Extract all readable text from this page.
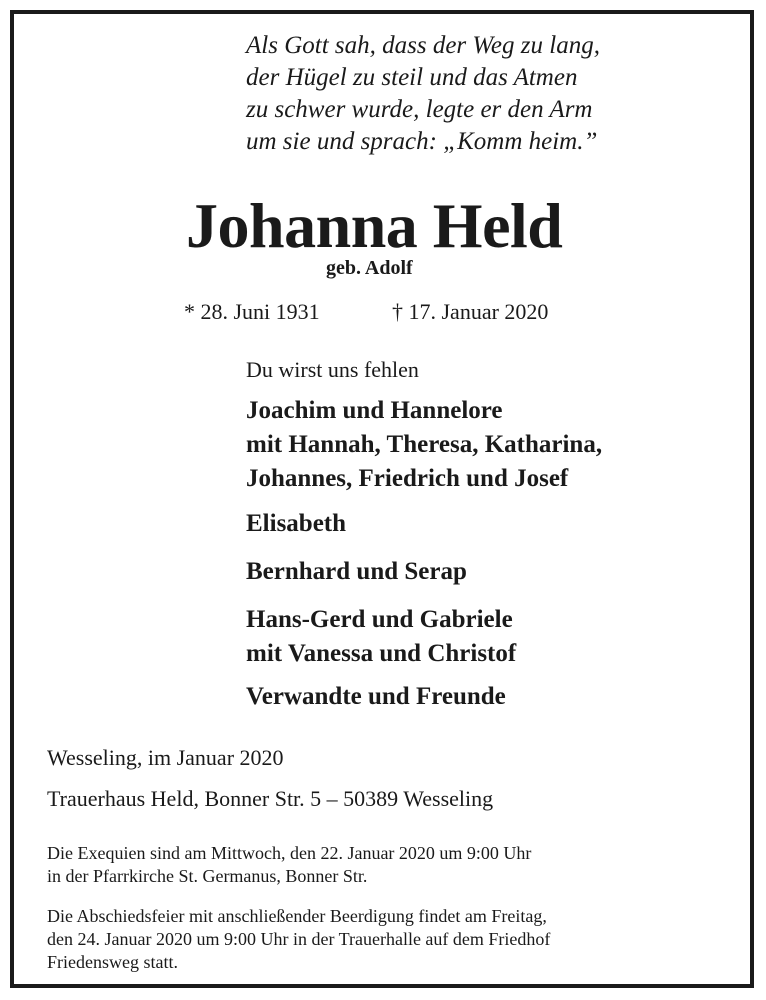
Als Gott sah, dass der Weg zu lang,
der Hügel zu steil und das Atmen
zu schwer wurde, legte er den Arm
um sie und sprach: „Komm heim.”
Johanna Held
geb. Adolf
* 28. Juni 1931	† 17. Januar 2020
Du wirst uns fehlen
Joachim und Hannelore
mit Hannah, Theresa, Katharina,
Johannes, Friedrich und Josef
Elisabeth
Bernhard und Serap
Hans-Gerd und Gabriele
mit Vanessa und Christof
Verwandte und Freunde
Wesseling, im Januar 2020
Trauerhaus Held, Bonner Str. 5 – 50389 Wesseling
Die Exequien sind am Mittwoch, den 22. Januar 2020 um 9:00 Uhr
in der Pfarrkirche St. Germanus, Bonner Str.
Die Abschiedsfeier mit anschließender Beerdigung findet am Freitag,
den 24. Januar 2020 um 9:00 Uhr in der Trauerhalle auf dem Friedhof
Friedensweg statt.
